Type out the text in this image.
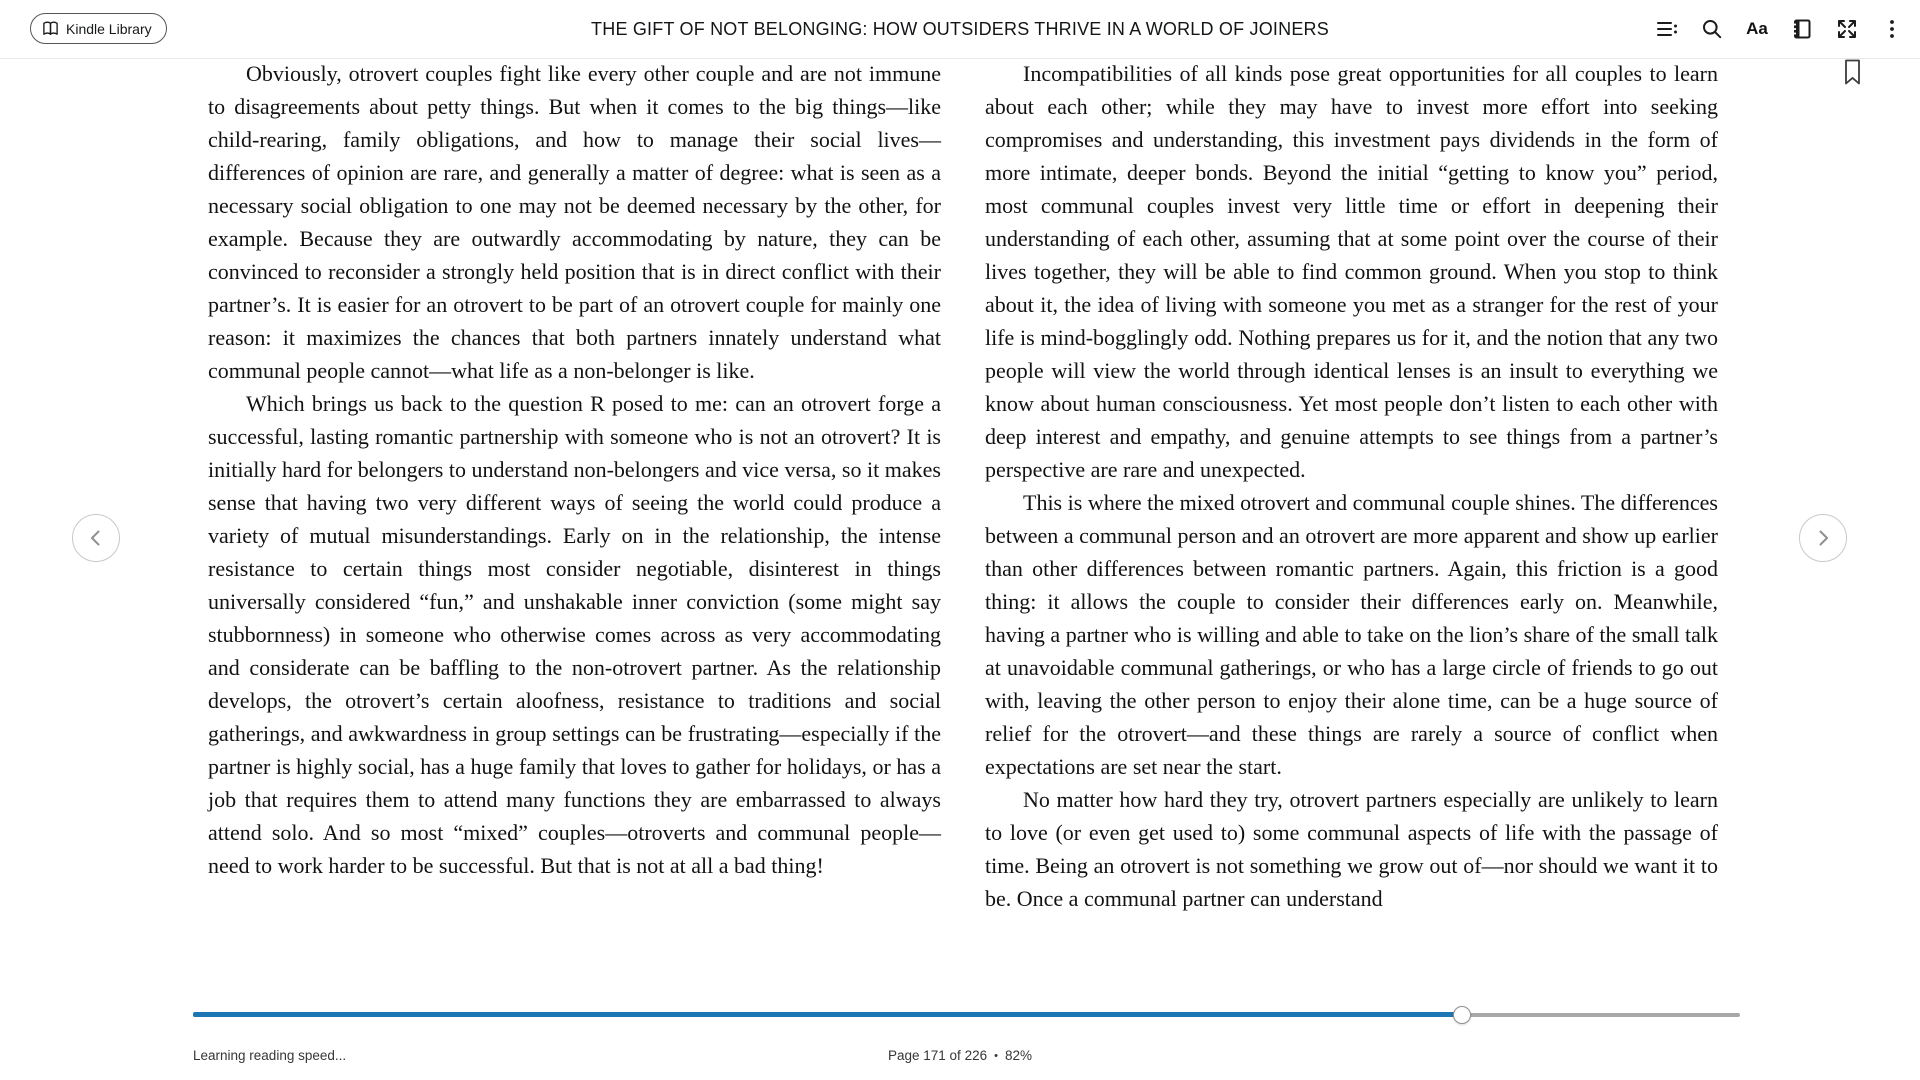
Kindle Library	THE GIFT OF NOT BELONGING: HOW OUTSIDERS THRIVE IN A WORLD OF JOINERS	Aa

Obviously, otrovert couples fight like every other couple and are not immune to disagreements about petty things. But when it comes to the big things—like child-rearing, family obligations, and how to manage their social lives—differences of opinion are rare, and generally a matter of degree: what is seen as a necessary social obligation to one may not be deemed necessary by the other, for example. Because they are outwardly accommodating by nature, they can be convinced to reconsider a strongly held position that is in direct conflict with their partner’s. It is easier for an otrovert to be part of an otrovert couple for mainly one reason: it maximizes the chances that both partners innately understand what communal people cannot—what life as a non-belonger is like.

Which brings us back to the question R posed to me: can an otrovert forge a successful, lasting romantic partnership with someone who is not an otrovert? It is initially hard for belongers to understand non-belongers and vice versa, so it makes sense that having two very different ways of seeing the world could produce a variety of mutual misunderstandings. Early on in the relationship, the intense resistance to certain things most consider negotiable, disinterest in things universally considered “fun,” and unshakable inner conviction (some might say stubbornness) in someone who otherwise comes across as very accommodating and considerate can be baffling to the non-otrovert partner. As the relationship develops, the otrovert’s certain aloofness, resistance to traditions and social gatherings, and awkwardness in group settings can be frustrating—especially if the partner is highly social, has a huge family that loves to gather for holidays, or has a job that requires them to attend many functions they are embarrassed to always attend solo. And so most “mixed” couples—otroverts and communal people—need to work harder to be successful. But that is not at all a bad thing!

Incompatibilities of all kinds pose great opportunities for all couples to learn about each other; while they may have to invest more effort into seeking compromises and understanding, this investment pays dividends in the form of more intimate, deeper bonds. Beyond the initial “getting to know you” period, most communal couples invest very little time or effort in deepening their understanding of each other, assuming that at some point over the course of their lives together, they will be able to find common ground. When you stop to think about it, the idea of living with someone you met as a stranger for the rest of your life is mind-bogglingly odd. Nothing prepares us for it, and the notion that any two people will view the world through identical lenses is an insult to everything we know about human consciousness. Yet most people don’t listen to each other with deep interest and empathy, and genuine attempts to see things from a partner’s perspective are rare and unexpected.

This is where the mixed otrovert and communal couple shines. The differences between a communal person and an otrovert are more apparent and show up earlier than other differences between romantic partners. Again, this friction is a good thing: it allows the couple to consider their differences early on. Meanwhile, having a partner who is willing and able to take on the lion’s share of the small talk at unavoidable communal gatherings, or who has a large circle of friends to go out with, leaving the other person to enjoy their alone time, can be a huge source of relief for the otrovert—and these things are rarely a source of conflict when expectations are set near the start.

No matter how hard they try, otrovert partners especially are unlikely to learn to love (or even get used to) some communal aspects of life with the passage of time. Being an otrovert is not something we grow out of—nor should we want it to be. Once a communal partner can understand

Learning reading speed...	Page 171 of 226 • 82%
